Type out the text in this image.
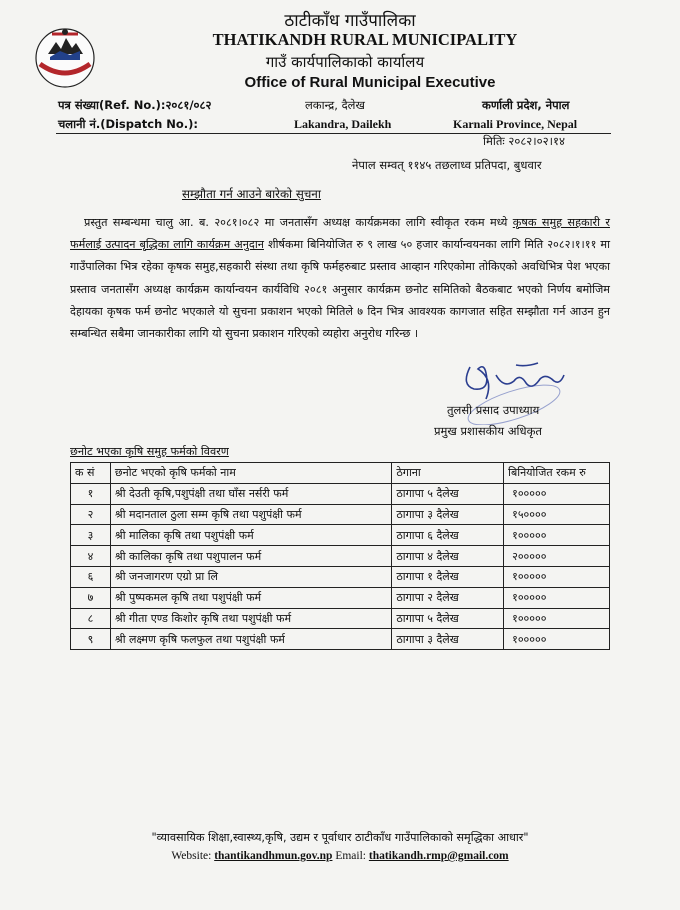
ठाटीकाँध गाउँपालिका
THATIKANDH RURAL MUNICIPALITY
गाउँ कार्यपालिकाको कार्यालय
Office of Rural Municipal Executive
पत्र संख्या(Ref. No.):२०८१/०८२
चलानी नं.(Dispatch No.):
लकान्द्र, दैलेख
Lakandra, Dailekh
कर्णाली प्रदेश, नेपाल
Karnali Province, Nepal
मितिः २०८२।०२।१४
नेपाल सम्वत् ११४५ तछलाध्व प्रतिपदा, बुधवार
सम्झौता गर्न आउने बारेको सुचना
प्रस्तुत सम्बन्धमा चालु आ. ब. २०८१।०८२ मा जनतासँग अध्यक्ष कार्यक्रमका लागि स्वीकृत रकम मध्ये कृषक समुह सहकारी र फर्मलाई उत्पादन बृद्धिका लागि कार्यक्रम अनुदान शीर्षकमा बिनियोजित रु ९ लाख ५० हजार कार्यान्वयनका लागि मिति २०८२।१।११ मा गाउँपालिका भित्र रहेका कृषक समुह,सहकारी संस्था तथा कृषि फर्महरुबाट प्रस्ताव आव्हान गरिएकोमा तोकिएको अवधिभित्र पेश भएका प्रस्ताव जनतासँग अध्यक्ष कार्यक्रम कार्यान्वयन कार्यविधि २०८१ अनुसार कार्यक्रम छनोट समितिको बैठकबाट भएको निर्णय बमोजिम देहायका कृषक फर्म छनोट भएकाले यो सुचना प्रकाशन भएको मितिले ७ दिन भित्र आवश्यक कागजात सहित सम्झौता गर्न आउन हुन सम्बन्धित सबैमा जानकारीका लागि यो सुचना प्रकाशन गरिएको व्यहोरा अनुरोध गरिन्छ ।
तुलसी प्रसाद उपाध्याय
प्रमुख प्रशासकीय अधिकृत
छनोट भएका कृषि समुह फर्मको विवरण
क सं	छनोट भएको कृषि फर्मको नाम	ठेगाना	बिनियोजित रकम रु
१	श्री देउती कृषि,पशुपंक्षी तथा घाँस नर्सरी फर्म	ठागापा ५ दैलेख	१०००००
२	श्री मदानताल ठुला सम्म कृषि तथा पशुपंक्षी फर्म	ठागापा ३ दैलेख	१५००००
३	श्री मालिका कृषि तथा पशुपंक्षी फर्म	ठागापा ६ दैलेख	१०००००
४	श्री कालिका कृषि तथा पशुपालन फर्म	ठागापा ४ दैलेख	२०००००
६	श्री जनजागरण एग्रो प्रा लि	ठागापा १ दैलेख	१०००००
७	श्री पुष्पकमल कृषि तथा पशुपंक्षी फर्म	ठागापा २ दैलेख	१०००००
८	श्री गीता एण्ड किशोर कृषि तथा पशुपंक्षी फर्म	ठागापा ५ दैलेख	१०००००
९	श्री लक्ष्मण कृषि फलफुल तथा पशुपंक्षी फर्म	ठागापा ३ दैलेख	१०००००
"व्यावसायिक शिक्षा,स्वास्थ्य,कृषि, उद्यम र पूर्वाधार ठाटीकाँध गाउँपालिकाको समृद्धिका आधार"
Website: thantikandhmun.gov.np Email: thatikandh.rmp@gmail.com
